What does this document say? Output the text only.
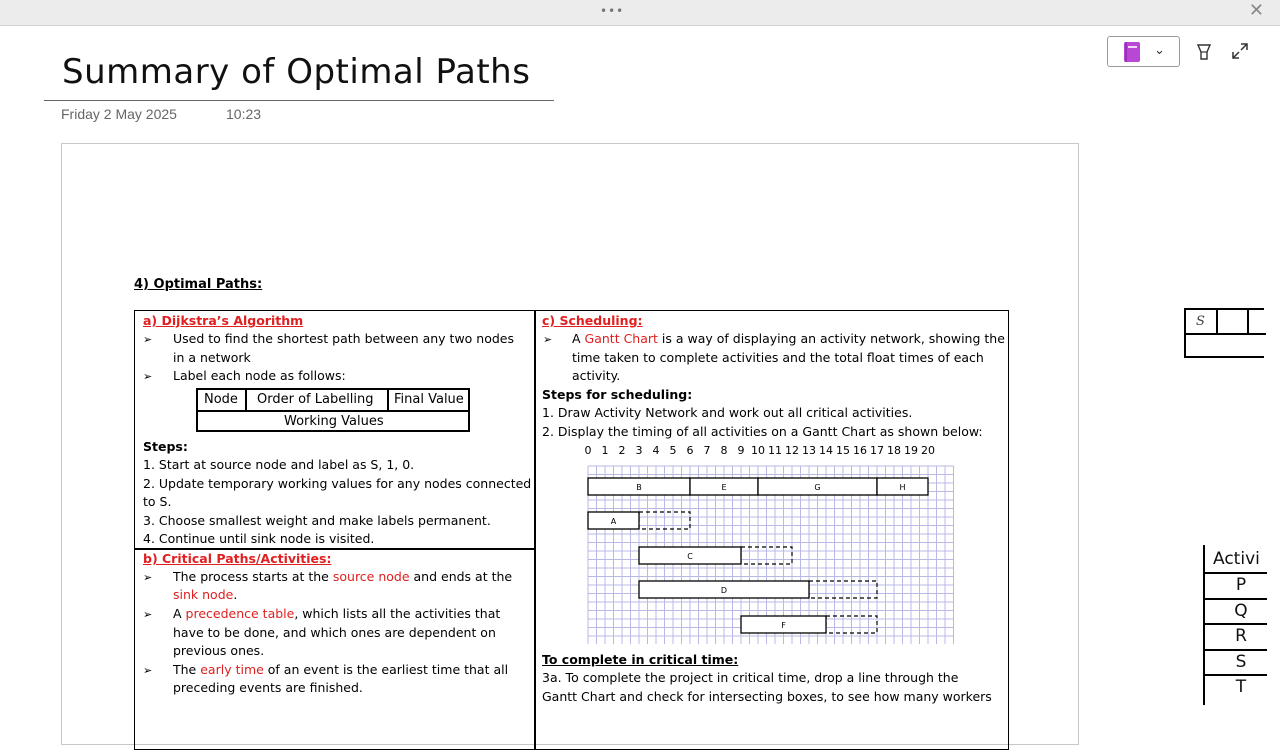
•••	✕
⌄
Summary of Optimal Paths
Friday 2 May 2025	10:23
4) Optimal Paths:
a) Dijkstra’s Algorithm
➢ Used to find the shortest path between any two nodes
in a network
➢ Label each node as follows:
Node Order of Labelling Final Value
Working Values
Steps:
1. Start at source node and label as S, 1, 0.
2. Update temporary working values for any nodes connected
to S.
3. Choose smallest weight and make labels permanent.
4. Continue until sink node is visited.
b) Critical Paths/Activities:
➢ The process starts at the source node and ends at the
sink node.
➢ A precedence table, which lists all the activities that
have to be done, and which ones are dependent on
previous ones.
➢ The early time of an event is the earliest time that all
preceding events are finished.
c) Scheduling:
➢ A Gantt Chart is a way of displaying an activity network, showing the
time taken to complete activities and the total float times of each
activity.
Steps for scheduling:
1. Draw Activity Network and work out all critical activities.
2. Display the timing of all activities on a Gantt Chart as shown below:
0 1 2 3 4 5 6 7 8 9 10 11 12 13 14 15 16 17 18 19 20
B	E	G	H
A
C
D
F
To complete in critical time:
3a. To complete the project in critical time, drop a line through the
Gantt Chart and check for intersecting boxes, to see how many workers
S
Activi
P
Q
R
S
T
